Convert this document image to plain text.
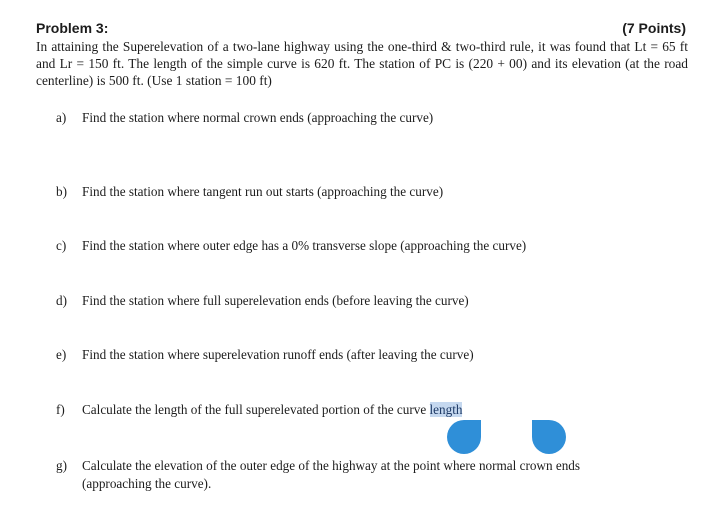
Problem 3:	(7 Points)

In attaining the Superelevation of a two-lane highway using the one-third & two-third rule, it was found that Lt = 65 ft and Lr = 150 ft. The length of the simple curve is 620 ft. The station of PC is (220 + 00) and its elevation (at the road centerline) is 500 ft. (Use 1 station = 100 ft)

a)	Find the station where normal crown ends (approaching the curve)
b)	Find the station where tangent run out starts (approaching the curve)
c)	Find the station where outer edge has a 0% transverse slope (approaching the curve)
d)	Find the station where full superelevation ends (before leaving the curve)
e)	Find the station where superelevation runoff ends (after leaving the curve)
f)	Calculate the length of the full superelevated portion of the curve length
g)	Calculate the elevation of the outer edge of the highway at the point where normal crown ends
(approaching the curve).
